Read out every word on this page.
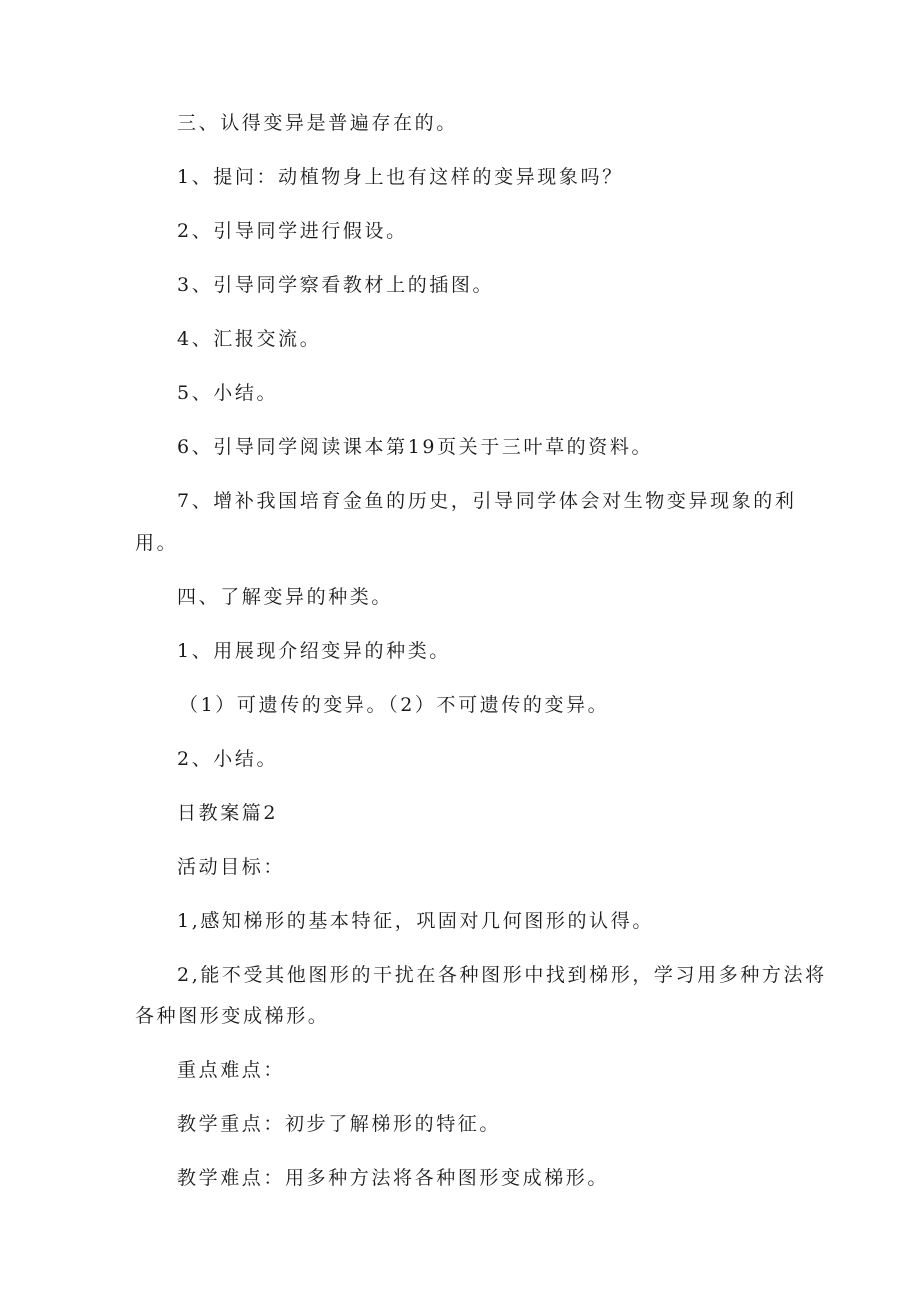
三、认得变异是普遍存在的。
1、提问：动植物身上也有这样的变异现象吗？
2、引导同学进行假设。
3、引导同学察看教材上的插图。
4、汇报交流。
5、小结。
6、引导同学阅读课本第19页关于三叶草的资料。
7、增补我国培育金鱼的历史，引导同学体会对生物变异现象的利
用。
四、了解变异的种类。
1、用展现介绍变异的种类。
（1）可遗传的变异。（2）不可遗传的变异。
2、小结。
日教案篇2
活动目标：
1,感知梯形的基本特征，巩固对几何图形的认得。
2,能不受其他图形的干扰在各种图形中找到梯形，学习用多种方法将
各种图形变成梯形。
重点难点：
教学重点：初步了解梯形的特征。
教学难点：用多种方法将各种图形变成梯形。
